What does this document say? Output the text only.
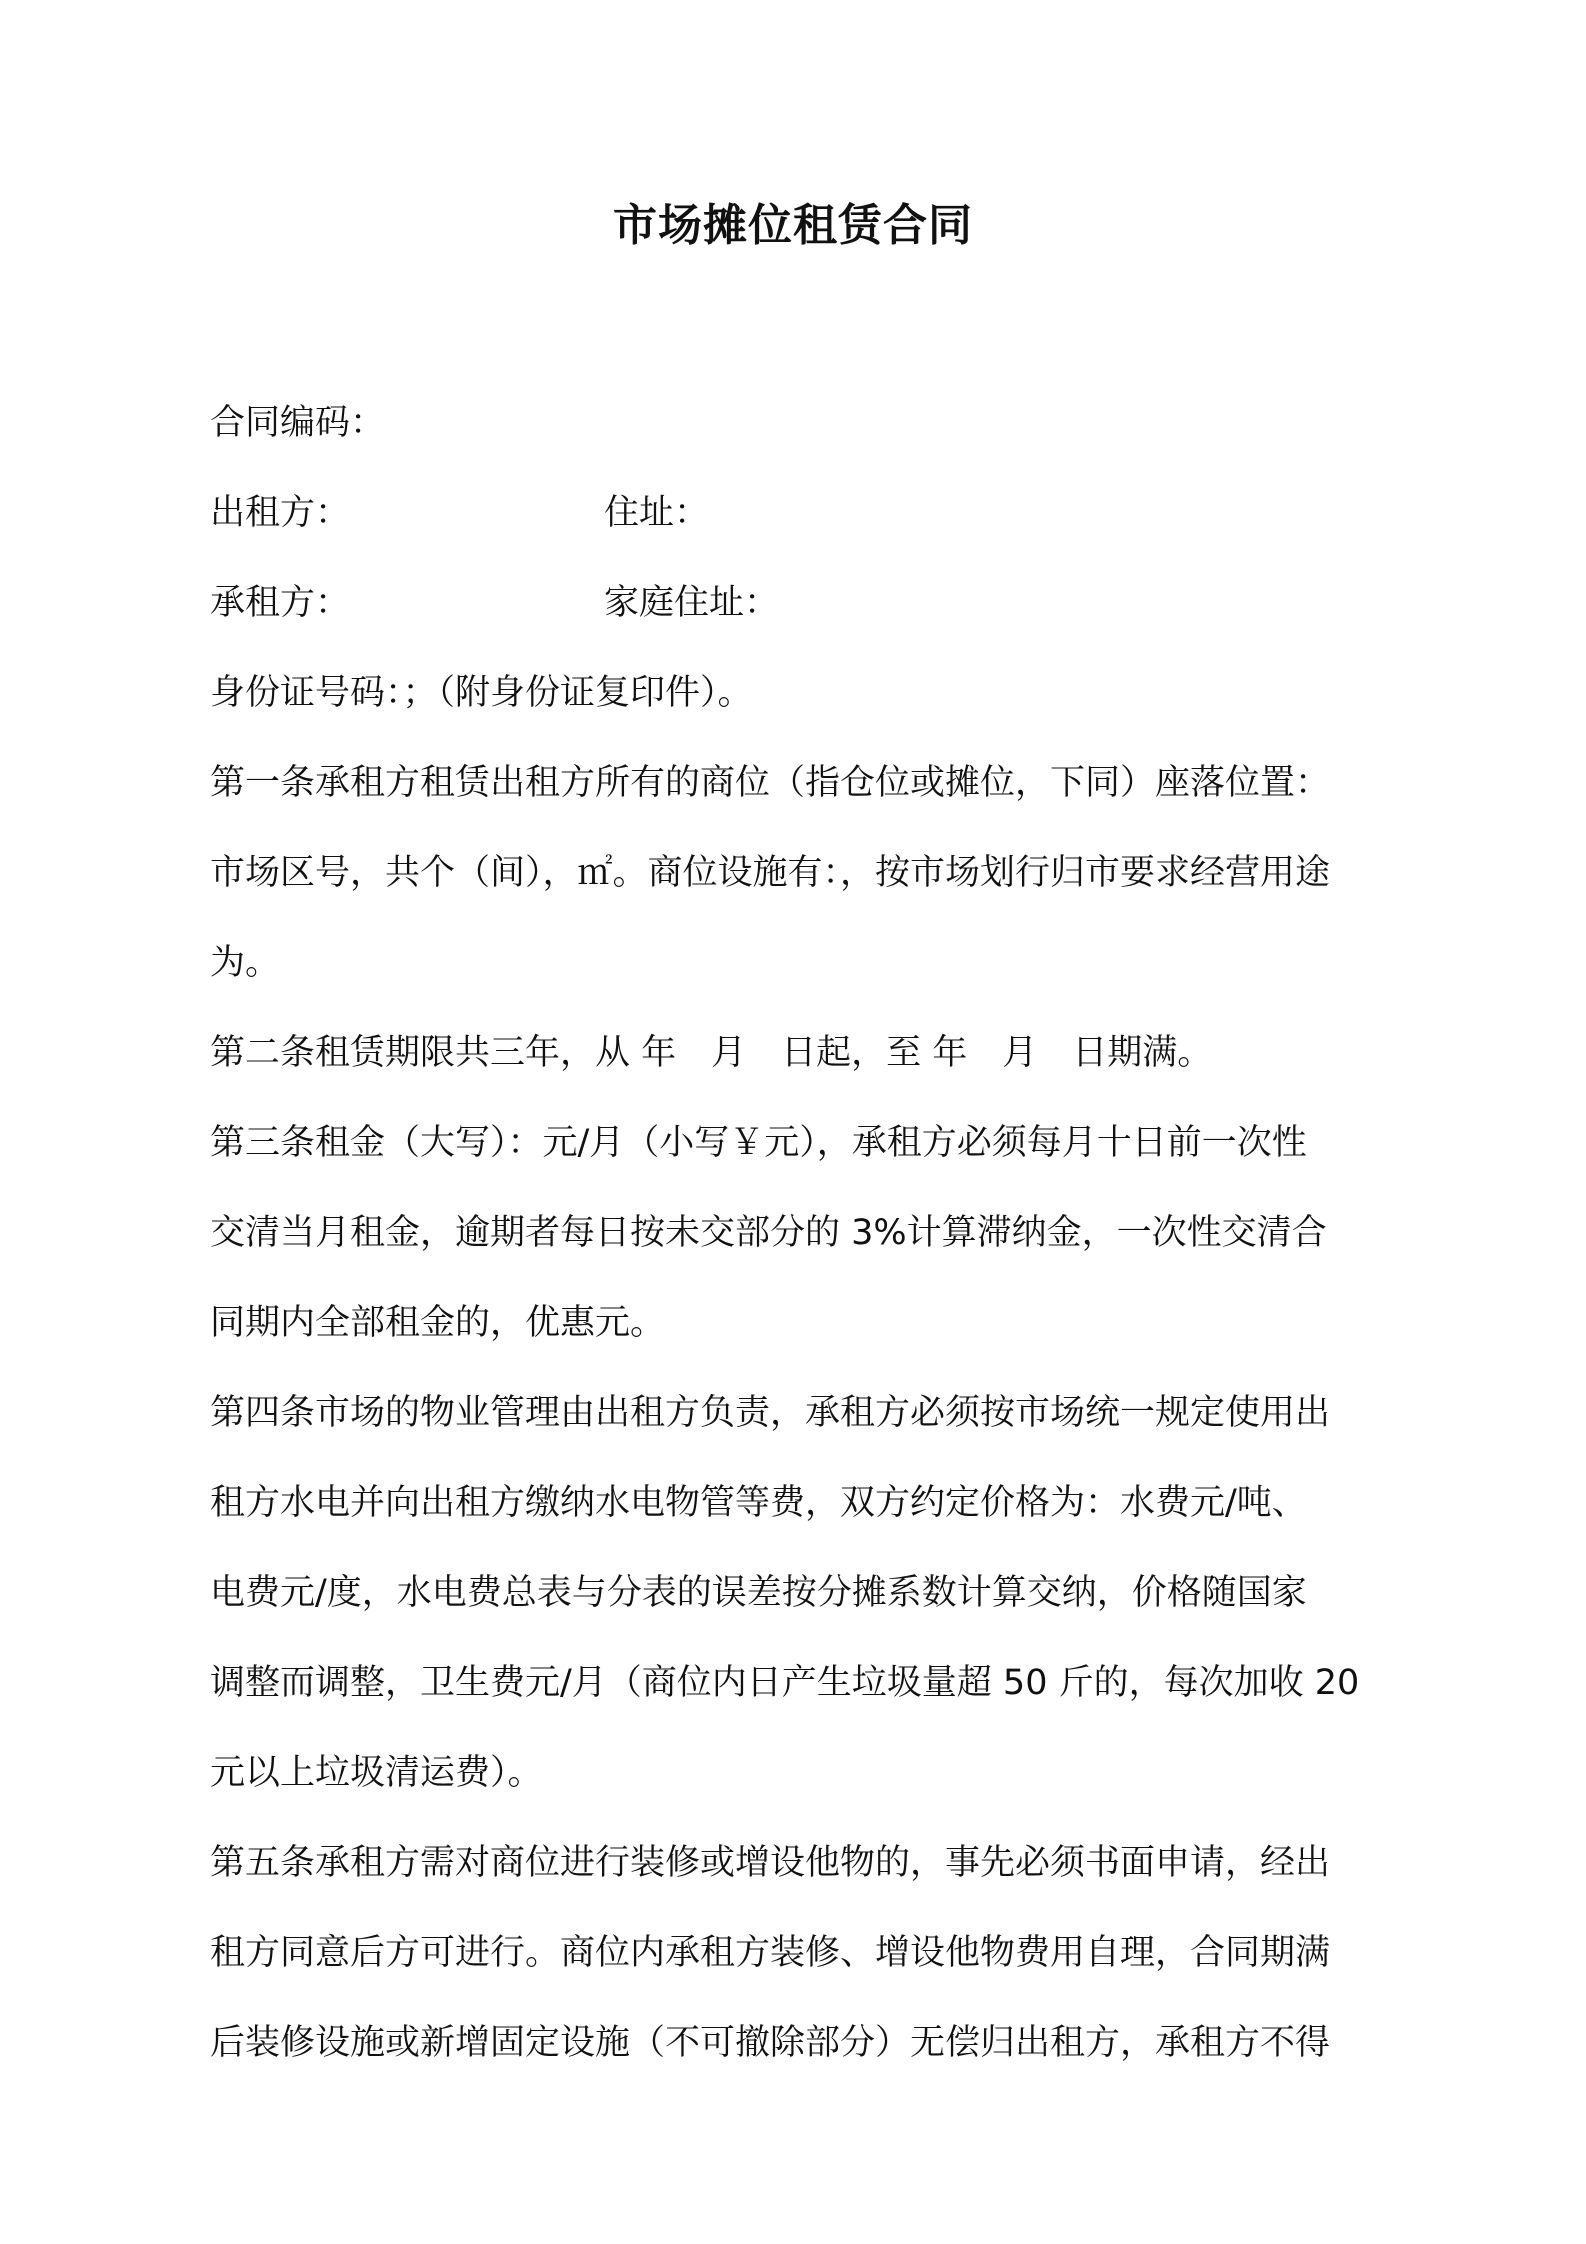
市场摊位租赁合同
合同编码：
出租方：	住址：
承租方：	家庭住址：
身份证号码：；（附身份证复印件）。
第一条承租方租赁出租方所有的商位（指仓位或摊位，下同）座落位置：
市场区号，共个（间），㎡。商位设施有：，按市场划行归市要求经营用途
为。
第二条租赁期限共三年，从 年　月　日起，至 年　月　日期满。
第三条租金（大写）：元/月（小写￥元），承租方必须每月十日前一次性
交清当月租金，逾期者每日按未交部分的 3%计算滞纳金，一次性交清合
同期内全部租金的，优惠元。
第四条市场的物业管理由出租方负责，承租方必须按市场统一规定使用出
租方水电并向出租方缴纳水电物管等费，双方约定价格为：水费元/吨、
电费元/度，水电费总表与分表的误差按分摊系数计算交纳，价格随国家
调整而调整，卫生费元/月（商位内日产生垃圾量超 50 斤的，每次加收 20
元以上垃圾清运费）。
第五条承租方需对商位进行装修或增设他物的，事先必须书面申请，经出
租方同意后方可进行。商位内承租方装修、增设他物费用自理，合同期满
后装修设施或新增固定设施（不可撤除部分）无偿归出租方，承租方不得
